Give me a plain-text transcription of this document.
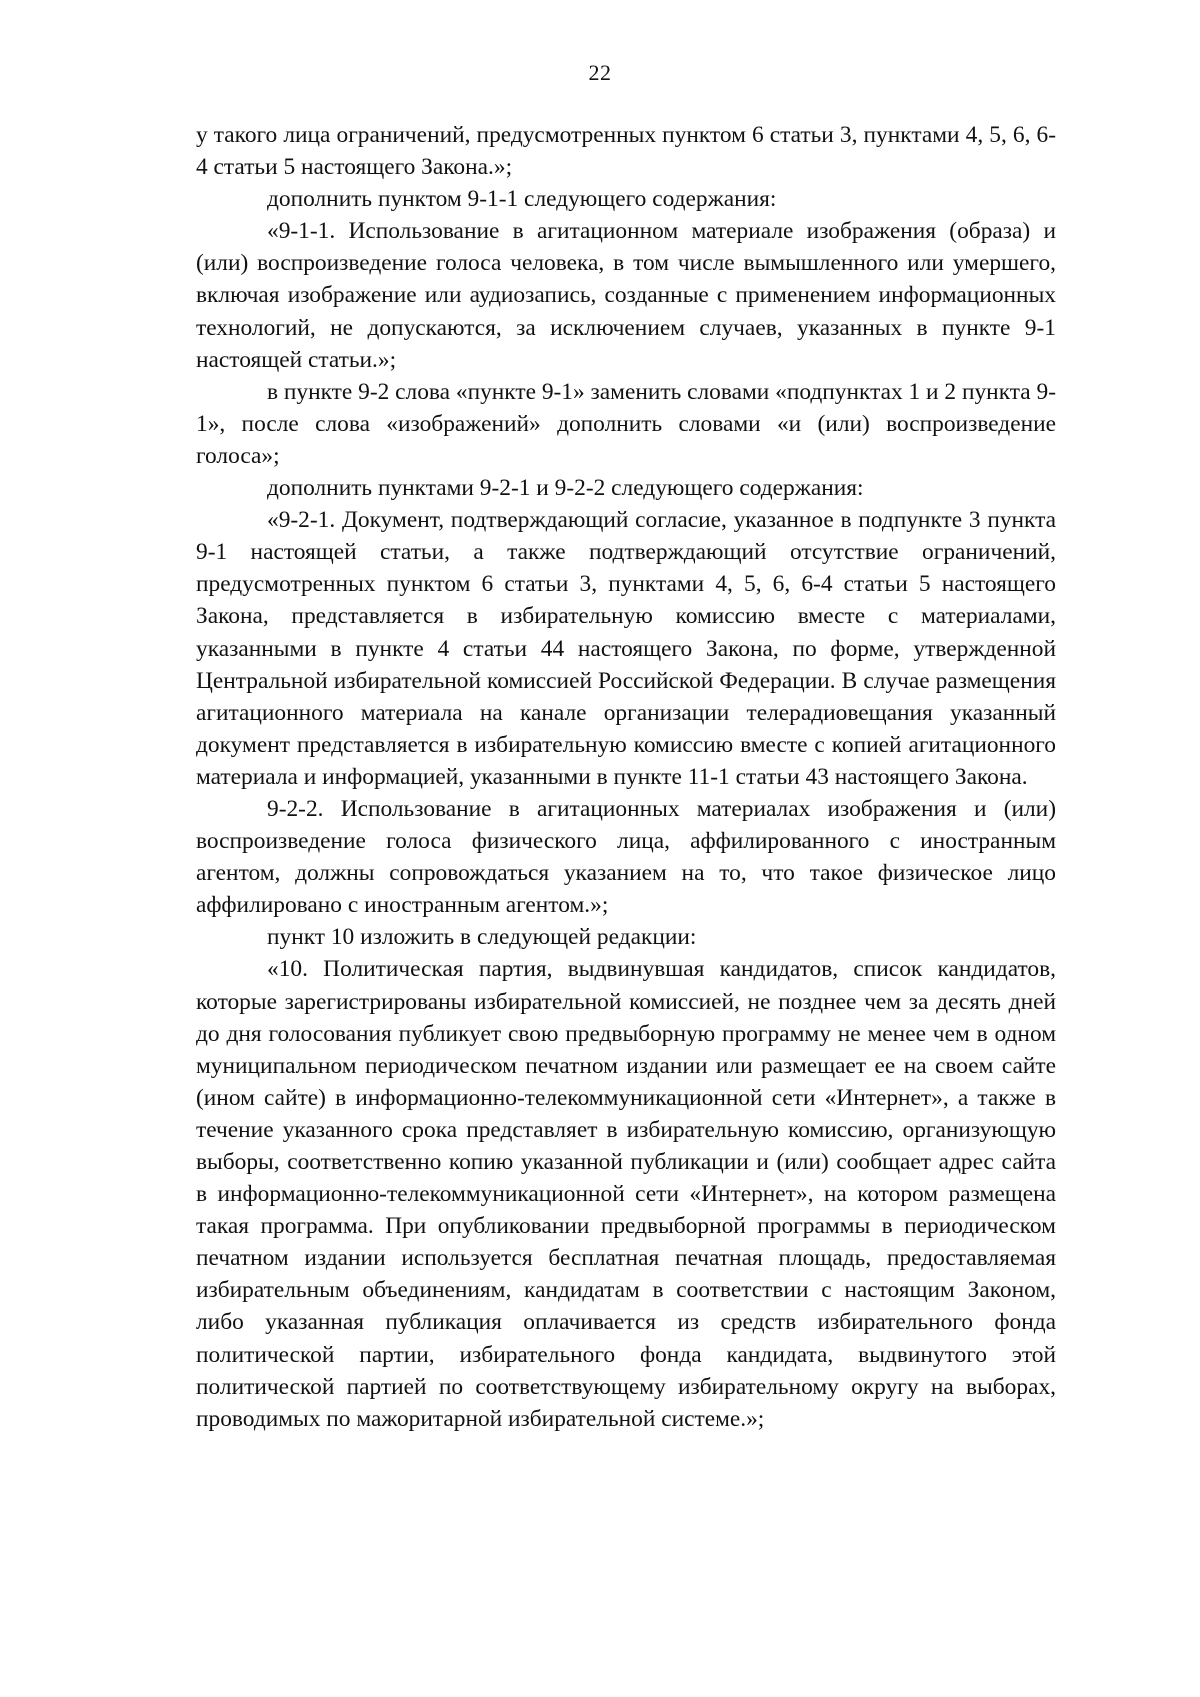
22

у такого лица ограничений, предусмотренных пунктом 6 статьи 3, пунктами 4, 5, 6, 6-4 статьи 5 настоящего Закона.»;

дополнить пунктом 9-1-1 следующего содержания:

«9-1-1. Использование в агитационном материале изображения (образа) и (или) воспроизведение голоса человека, в том числе вымышленного или умершего, включая изображение или аудиозапись, созданные с применением информационных технологий, не допускаются, за исключением случаев, указанных в пункте 9-1 настоящей статьи.»;

в пункте 9-2 слова «пункте 9-1» заменить словами «подпунктах 1 и 2 пункта 9-1», после слова «изображений» дополнить словами «и (или) воспроизведение голоса»;

дополнить пунктами 9-2-1 и 9-2-2 следующего содержания:

«9-2-1. Документ, подтверждающий согласие, указанное в подпункте 3 пункта 9-1 настоящей статьи, а также подтверждающий отсутствие ограничений, предусмотренных пунктом 6 статьи 3, пунктами 4, 5, 6, 6-4 статьи 5 настоящего Закона, представляется в избирательную комиссию вместе с материалами, указанными в пункте 4 статьи 44 настоящего Закона, по форме, утвержденной Центральной избирательной комиссией Российской Федерации. В случае размещения агитационного материала на канале организации телерадиовещания указанный документ представляется в избирательную комиссию вместе с копией агитационного материала и информацией, указанными в пункте 11-1 статьи 43 настоящего Закона.

9-2-2. Использование в агитационных материалах изображения и (или) воспроизведение голоса физического лица, аффилированного с иностранным агентом, должны сопровождаться указанием на то, что такое физическое лицо аффилировано с иностранным агентом.»;

пункт 10 изложить в следующей редакции:

«10. Политическая партия, выдвинувшая кандидатов, список кандидатов, которые зарегистрированы избирательной комиссией, не позднее чем за десять дней до дня голосования публикует свою предвыборную программу не менее чем в одном муниципальном периодическом печатном издании или размещает ее на своем сайте (ином сайте) в информационно-телекоммуникационной сети «Интернет», а также в течение указанного срока представляет в избирательную комиссию, организующую выборы, соответственно копию указанной публикации и (или) сообщает адрес сайта в информационно-телекоммуникационной сети «Интернет», на котором размещена такая программа. При опубликовании предвыборной программы в периодическом печатном издании используется бесплатная печатная площадь, предоставляемая избирательным объединениям, кандидатам в соответствии с настоящим Законом, либо указанная публикация оплачивается из средств избирательного фонда политической партии, избирательного фонда кандидата, выдвинутого этой политической партией по соответствующему избирательному округу на выборах, проводимых по мажоритарной избирательной системе.»;
